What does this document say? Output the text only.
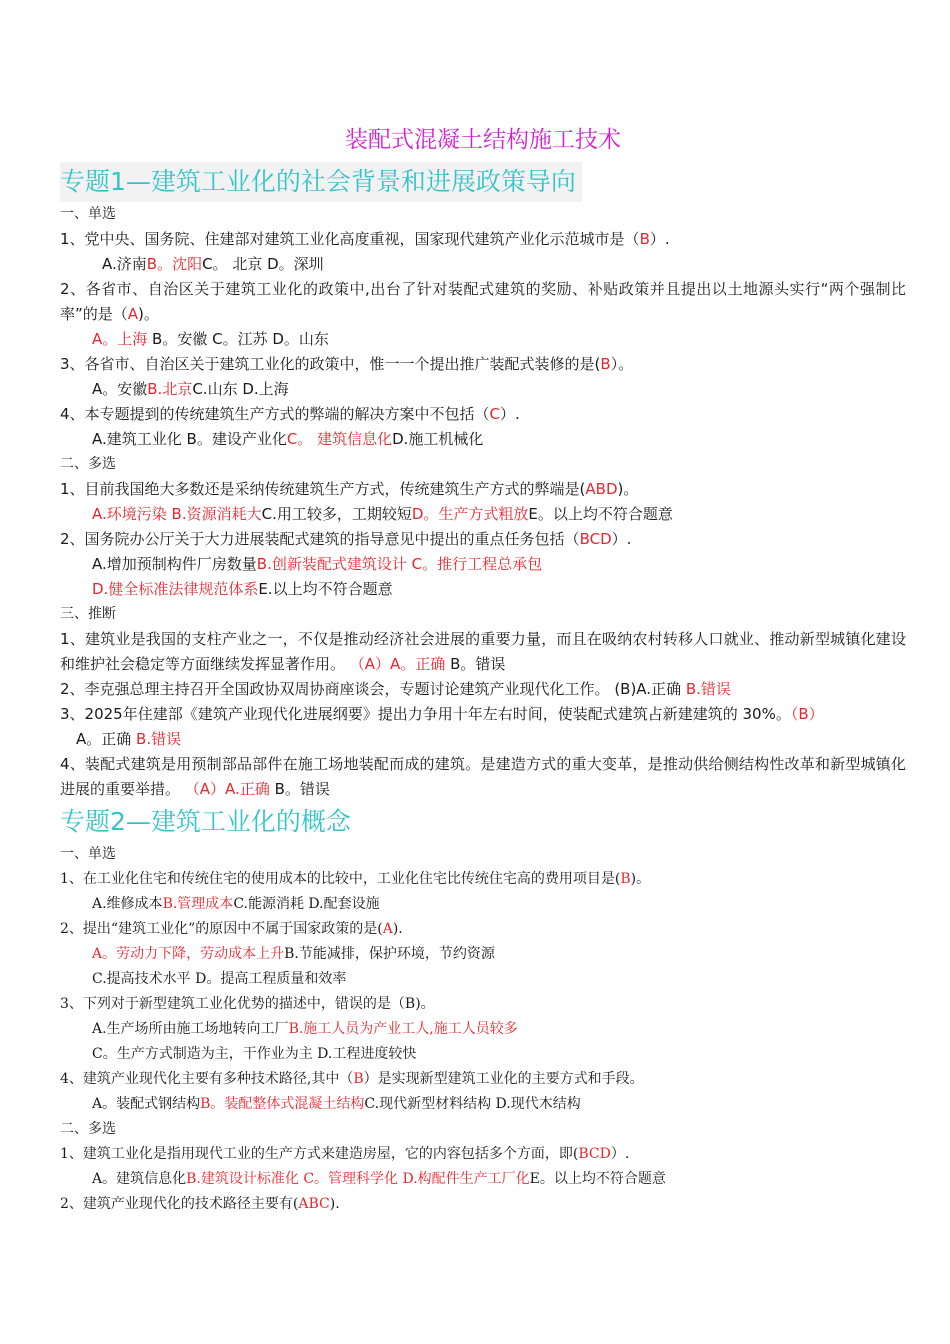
装配式混凝土结构施工技术
专题1—建筑工业化的社会背景和进展政策导向
一、单选
1、党中央、国务院、住建部对建筑工业化高度重视，国家现代建筑产业化示范城市是（B）.
A.济南B。沈阳C。 北京 D。深圳
2、各省市、自治区关于建筑工业化的政策中,出台了针对装配式建筑的奖励、补贴政策并且提出以土地源头实行“两个强制比率”的是（A)。
A。上海 B。安徽 C。江苏 D。山东
3、各省市、自治区关于建筑工业化的政策中，惟一一个提出推广装配式装修的是(B）。
A。安徽B.北京C.山东 D.上海
4、本专题提到的传统建筑生产方式的弊端的解决方案中不包括（C）.
A.建筑工业化 B。建设产业化C。 建筑信息化D.施工机械化
二、多选
1、目前我国绝大多数还是采纳传统建筑生产方式，传统建筑生产方式的弊端是(ABD)。
A.环境污染 B.资源消耗大C.用工较多，工期较短D。生产方式粗放E。以上均不符合题意
2、国务院办公厅关于大力进展装配式建筑的指导意见中提出的重点任务包括（BCD）.
A.增加预制构件厂房数量B.创新装配式建筑设计 C。推行工程总承包
D.健全标准法律规范体系E.以上均不符合题意
三、推断
1、建筑业是我国的支柱产业之一，不仅是推动经济社会进展的重要力量，而且在吸纳农村转移人口就业、推动新型城镇化建设和维护社会稳定等方面继续发挥显著作用。 （A）A。正确 B。错误
2、李克强总理主持召开全国政协双周协商座谈会，专题讨论建筑产业现代化工作。 (B)A.正确 B.错误
3、2025年住建部《建筑产业现代化进展纲要》提出力争用十年左右时间，使装配式建筑占新建建筑的 30%。（B）
A。正确 B.错误
4、装配式建筑是用预制部品部件在施工场地装配而成的建筑。是建造方式的重大变革，是推动供给侧结构性改革和新型城镇化进展的重要举措。 （A）A.正确 B。错误
专题2—建筑工业化的概念
一、单选
1、在工业化住宅和传统住宅的使用成本的比较中，工业化住宅比传统住宅高的费用项目是(B)。
A.维修成本B.管理成本C.能源消耗 D.配套设施
2、提出“建筑工业化”的原因中不属于国家政策的是(A).
A。劳动力下降，劳动成本上升B.节能减排，保护环境，节约资源
C.提高技术水平 D。提高工程质量和效率
3、下列对于新型建筑工业化优势的描述中，错误的是（B)。
A.生产场所由施工场地转向工厂B.施工人员为产业工人,施工人员较多
C。生产方式制造为主，干作业为主 D.工程进度较快
4、建筑产业现代化主要有多种技术路径,其中（B）是实现新型建筑工业化的主要方式和手段。
A。装配式钢结构B。装配整体式混凝土结构C.现代新型材料结构 D.现代木结构
二、多选
1、建筑工业化是指用现代工业的生产方式来建造房屋，它的内容包括多个方面，即(BCD）.
A。建筑信息化B.建筑设计标准化 C。管理科学化 D.构配件生产工厂化E。以上均不符合题意
2、建筑产业现代化的技术路径主要有(ABC).
